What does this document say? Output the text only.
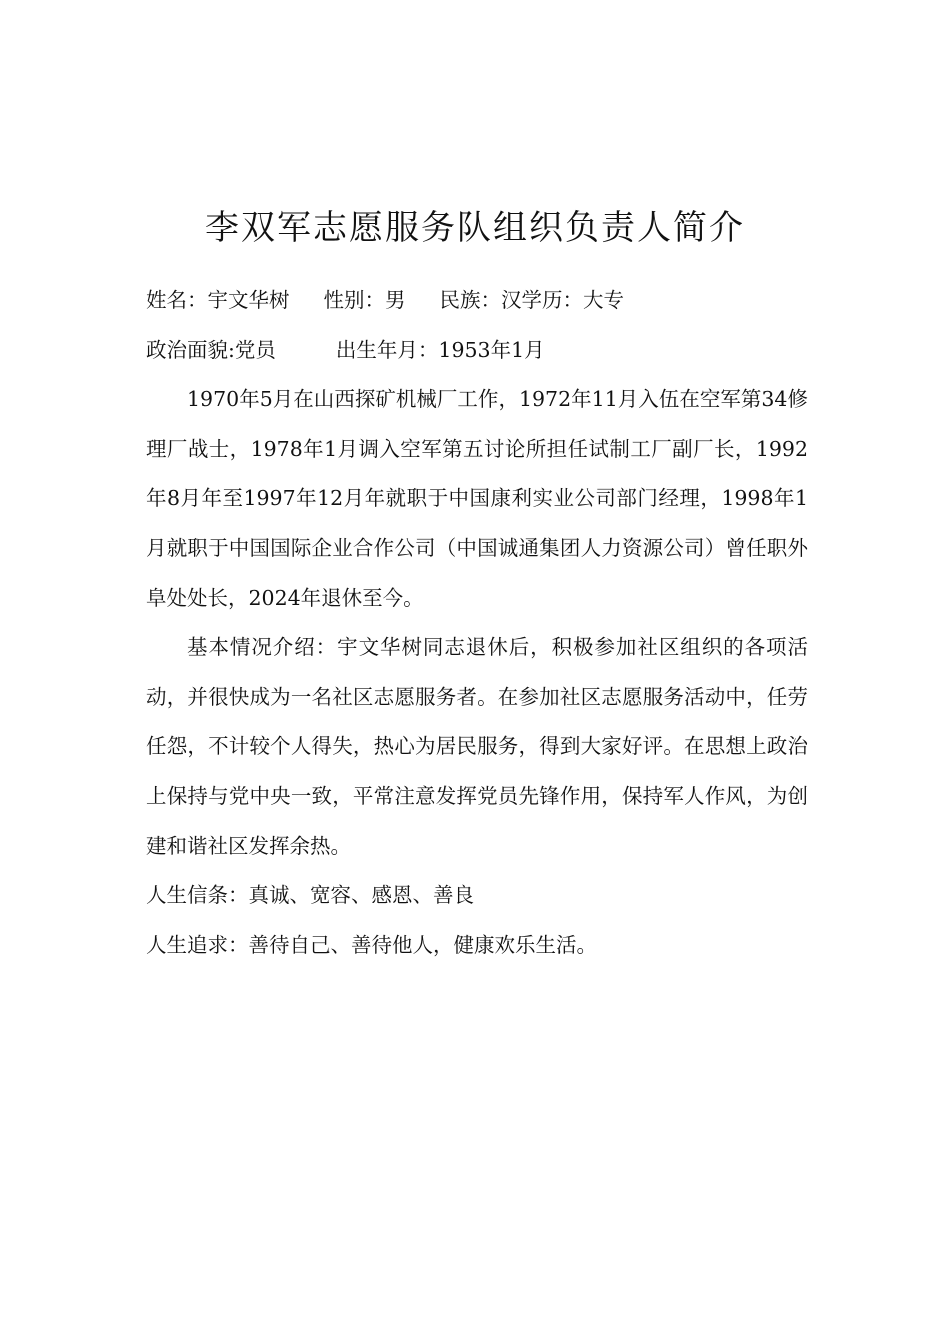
李双军志愿服务队组织负责人简介
姓名：宇文华树 性别：男 民族：汉学历：大专
政治面貌:党员	出生年月：1953年1月

1970年5月在山西探矿机械厂工作，1972年11月入伍在空军第34修理厂战士，1978年1月调入空军第五讨论所担任试制工厂副厂长，1992年8月年至1997年12月年就职于中国康利实业公司部门经理，1998年1月就职于中国国际企业合作公司（中国诚通集团人力资源公司）曾任职外阜处处长，2024年退休至今。

基本情况介绍：宇文华树同志退休后，积极参加社区组织的各项活动，并很快成为一名社区志愿服务者。在参加社区志愿服务活动中，任劳任怨，不计较个人得失，热心为居民服务，得到大家好评。在思想上政治上保持与党中央一致，平常注意发挥党员先锋作用，保持军人作风，为创建和谐社区发挥余热。

人生信条：真诚、宽容、感恩、善良
人生追求：善待自己、善待他人，健康欢乐生活。
